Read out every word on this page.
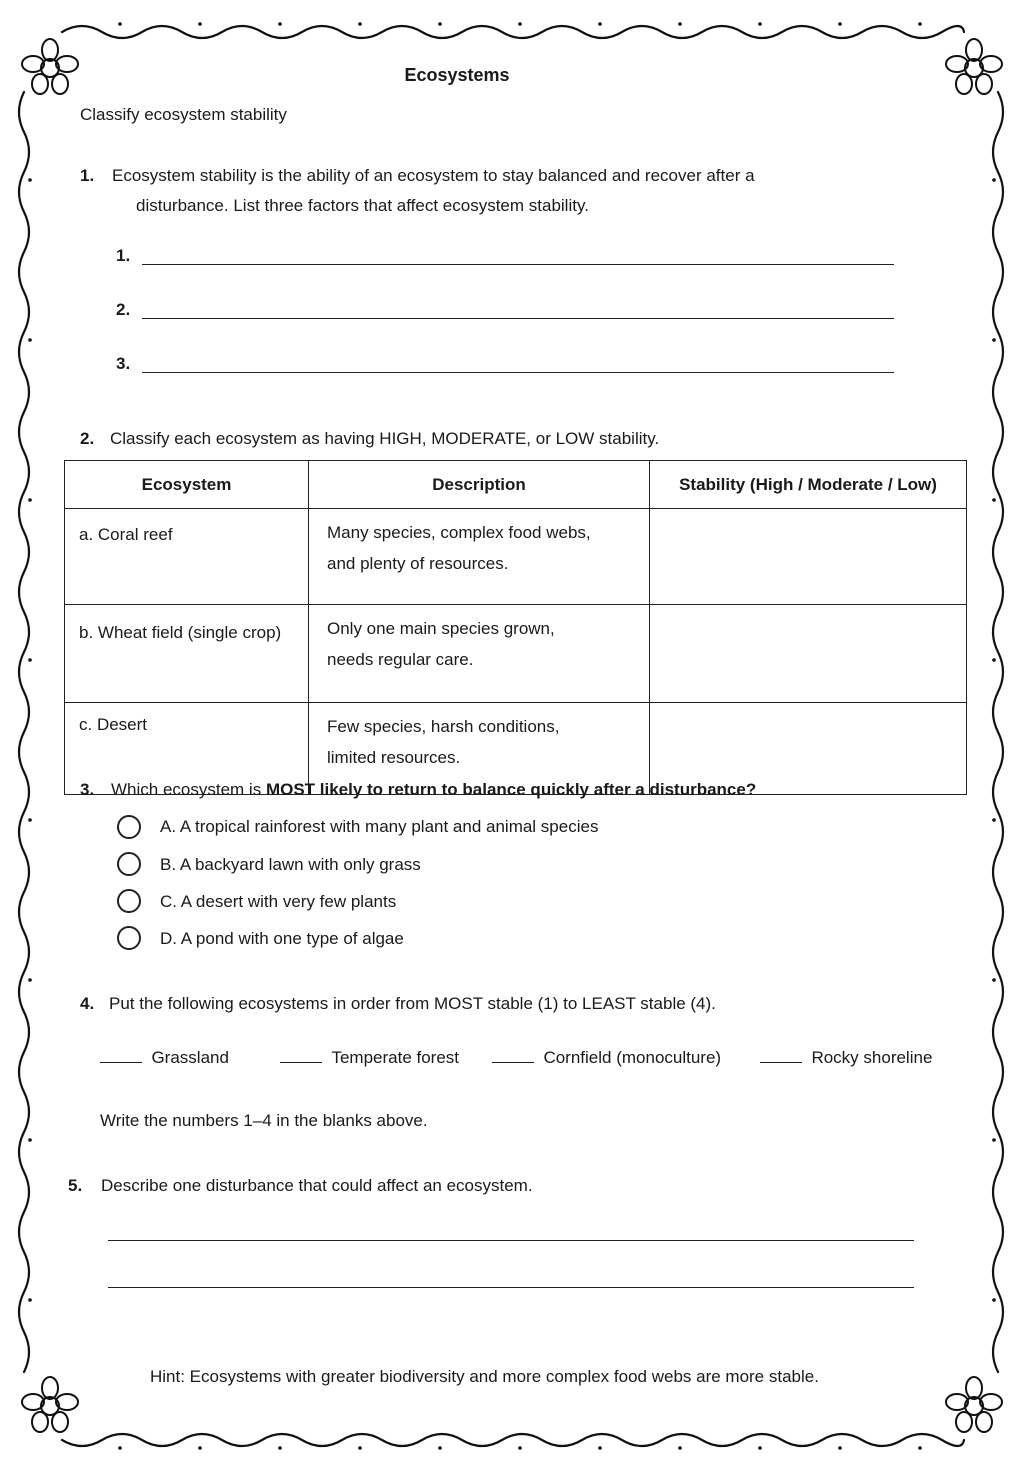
Ecosystems
Classify ecosystem stability
1. Ecosystem stability is the ability of an ecosystem to stay balanced and recover after a
disturbance. List three factors that affect ecosystem stability.
1.
2.
3.
2. Classify each ecosystem as having HIGH, MODERATE, or LOW stability.
Ecosystem	Description	Stability (High / Moderate / Low)
a. Coral reef	Many species, complex food webs,
and plenty of resources.	

b. Wheat field (single crop)	Only one main species grown,
needs regular care.	

c. Desert	Few species, harsh conditions,
limited resources.	

3. Which ecosystem is MOST likely to return to balance quickly after a disturbance?
A. A tropical rainforest with many plant and animal species
B. A backyard lawn with only grass
C. A desert with very few plants
D. A pond with one type of algae
4. Put the following ecosystems in order from MOST stable (1) to LEAST stable (4).
Grassland	Temperate forest	Cornfield (monoculture)	Rocky shoreline
Write the numbers 1–4 in the blanks above.
5. Describe one disturbance that could affect an ecosystem.
Hint: Ecosystems with greater biodiversity and more complex food webs are more stable.
